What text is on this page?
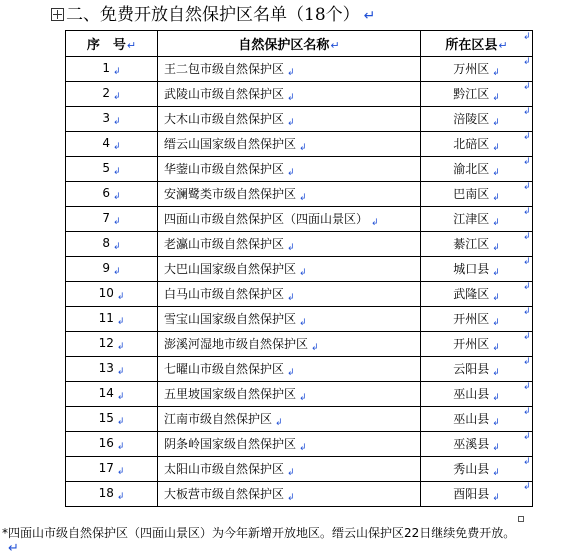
二、免费开放自然保护区名单（18个） ↵
序　号↵	自然保护区名称↵	所在区县↵
1 ↲	王二包市级自然保护区 ↲	万州区 ↲
2 ↲	武陵山市级自然保护区 ↲	黔江区 ↲
3 ↲	大木山市级自然保护区 ↲	涪陵区 ↲
4 ↲	缙云山国家级自然保护区 ↲	北碚区 ↲
5 ↲	华蓥山市级自然保护区 ↲	渝北区 ↲
6 ↲	安澜鹭类市级自然保护区 ↲	巴南区 ↲
7 ↲	四面山市级自然保护区（四面山景区） ↲	江津区 ↲
8 ↲	老瀛山市级自然保护区 ↲	綦江区 ↲
9 ↲	大巴山国家级自然保护区 ↲	城口县 ↲
10 ↲	白马山市级自然保护区 ↲	武隆区 ↲
11 ↲	雪宝山国家级自然保护区 ↲	开州区 ↲
12 ↲	澎溪河湿地市级自然保护区 ↲	开州区 ↲
13 ↲	七曜山市级自然保护区 ↲	云阳县 ↲
14 ↲	五里坡国家级自然保护区 ↲	巫山县 ↲
15 ↲	江南市级自然保护区 ↲	巫山县 ↲
16 ↲	阴条岭国家级自然保护区 ↲	巫溪县 ↲
17 ↲	太阳山市级自然保护区 ↲	秀山县 ↲
18 ↲	大板营市级自然保护区 ↲	酉阳县 ↲
↲
↲
↲
↲
↲
↲
↲
↲
↲
↲
↲
↲
↲
↲
↲
↲
↲
↲
↲
*四面山市级自然保护区（四面山景区）为今年新增开放地区。缙云山保护区22日继续免费开放。
↵
